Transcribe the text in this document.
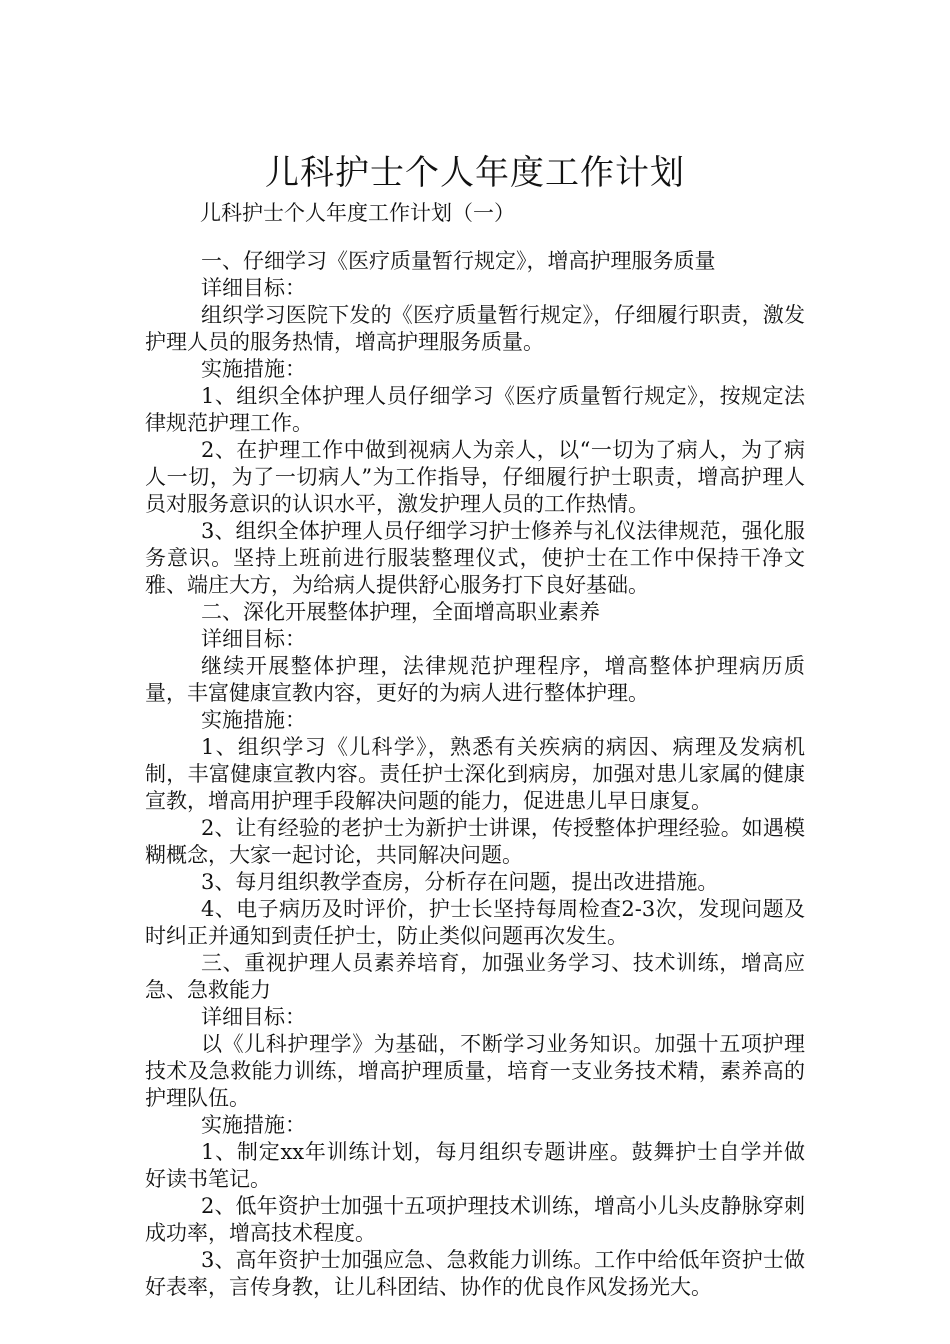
儿科护士个人年度工作计划
儿科护士个人年度工作计划（一）

一、仔细学习《医疗质量暂行规定》，增高护理服务质量

详细目标：

组织学习医院下发的《医疗质量暂行规定》，仔细履行职责，激发护理人员的服务热情，增高护理服务质量。

实施措施：

1、组织全体护理人员仔细学习《医疗质量暂行规定》，按规定法律规范护理工作。

2、在护理工作中做到视病人为亲人，以“一切为了病人，为了病人一切，为了一切病人”为工作指导，仔细履行护士职责，增高护理人员对服务意识的认识水平，激发护理人员的工作热情。

3、组织全体护理人员仔细学习护士修养与礼仪法律规范，强化服务意识。坚持上班前进行服装整理仪式，使护士在工作中保持干净文雅、端庄大方，为给病人提供舒心服务打下良好基础。

二、深化开展整体护理，全面增高职业素养

详细目标：

继续开展整体护理，法律规范护理程序，增高整体护理病历质量，丰富健康宣教内容，更好的为病人进行整体护理。

实施措施：

1、组织学习《儿科学》，熟悉有关疾病的病因、病理及发病机制，丰富健康宣教内容。责任护士深化到病房，加强对患儿家属的健康宣教，增高用护理手段解决问题的能力，促进患儿早日康复。

2、让有经验的老护士为新护士讲课，传授整体护理经验。如遇模糊概念，大家一起讨论，共同解决问题。

3、每月组织教学查房，分析存在问题，提出改进措施。

4、电子病历及时评价，护士长坚持每周检查2-3次，发现问题及时纠正并通知到责任护士，防止类似问题再次发生。

三、重视护理人员素养培育，加强业务学习、技术训练，增高应急、急救能力

详细目标：

以《儿科护理学》为基础，不断学习业务知识。加强十五项护理技术及急救能力训练，增高护理质量，培育一支业务技术精，素养高的护理队伍。

实施措施：

1、制定xx年训练计划，每月组织专题讲座。鼓舞护士自学并做好读书笔记。

2、低年资护士加强十五项护理技术训练，增高小儿头皮静脉穿刺成功率，增高技术程度。

3、高年资护士加强应急、急救能力训练。工作中给低年资护士做好表率，言传身教，让儿科团结、协作的优良作风发扬光大。
